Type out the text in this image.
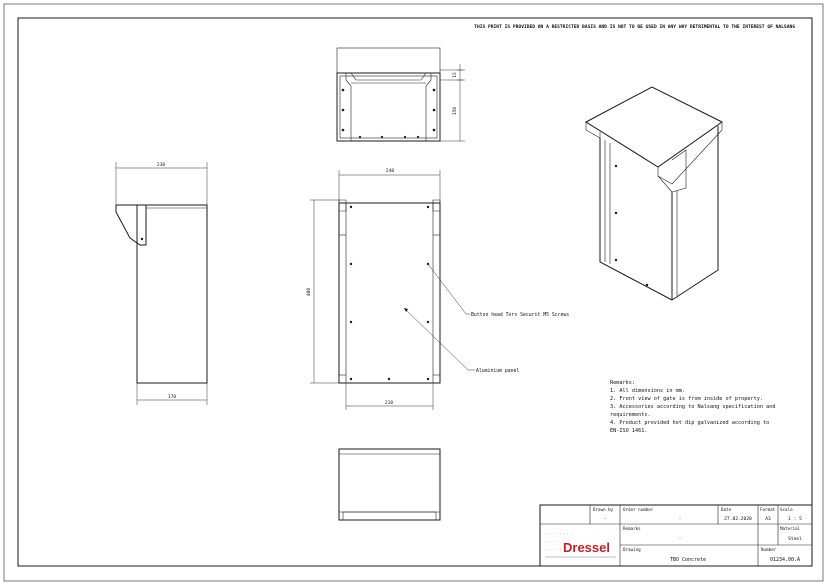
THIS PRINT IS PROVIDED ON A RESTRICTED BASIS AND IS NOT TO BE USED IN ANY WAY DETRIMENTAL TO THE INTEREST OF NALSANG
15
150
230
170
240
400
210
Button head Torx Securit M5 Screws
Aluminium panel
Remarks:
1. All dimensions in mm.
2. Front view of gate is from inside of property.
3. Accessories according to Nalsang specification and
requirements.
4. Product provided hot dip galvanized according to
EN-ISO 1461.
Drawn by
-
Order number
-
Date
27.02.2020
Format
A3
Scale
1 : 5
Remarks
-
Material
Steel
Drawing
TBO Concrete
Number
01234.00.A
· · · · · · · ·
· · · ·
· · · · · Dressel
